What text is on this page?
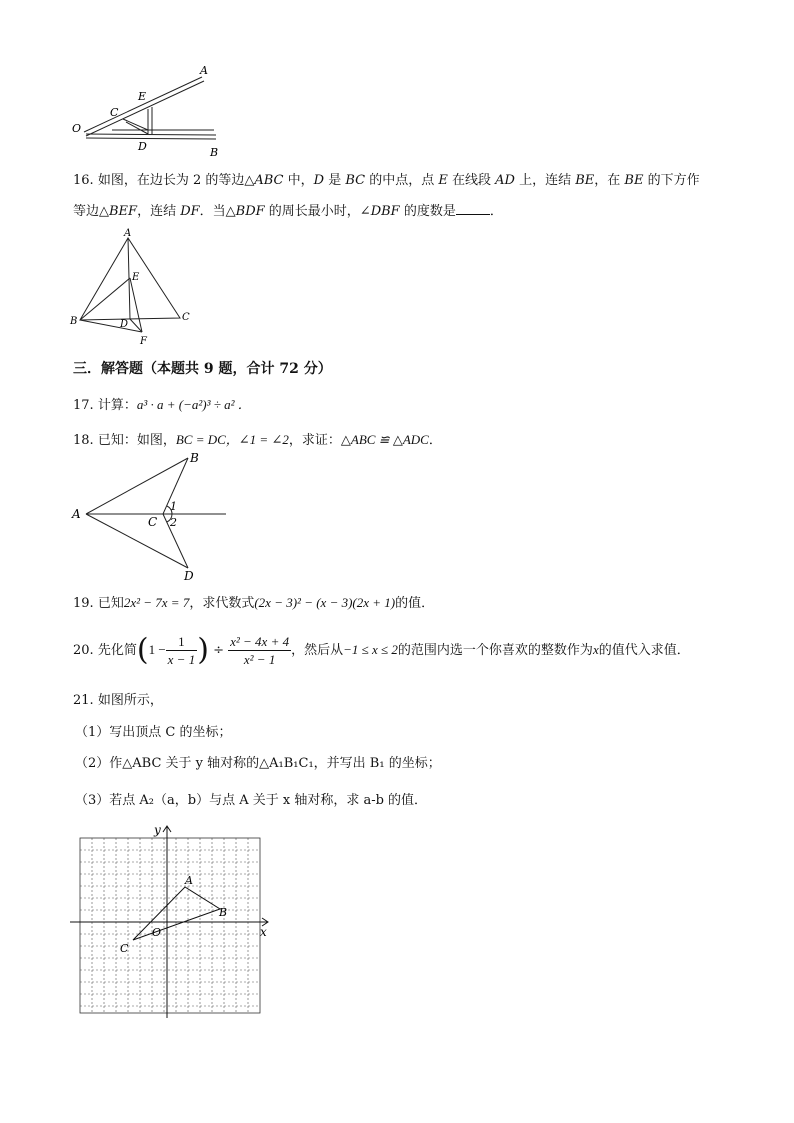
A
E
C
O
D	B
16. 如图，在边长为 2 的等边△ABC 中，D 是 BC 的中点，点 E 在线段 AD 上，连结 BE，在 BE 的下方作
等边△BEF，连结 DF．当△BDF 的周长最小时，∠DBF 的度数是	．
A
E
B	D
C
F
三．解答题（本题共 9 题，合计 72 分）
17. 计算：a³ · a + (−a²)³ ÷ a² ．
18. 已知：如图，BC = DC，∠1 = ∠2，求证：△ABC ≌ △ADC．
A
B
C
D
1
2
19. 已知2x² − 7x = 7，求代数式(2x − 3)² − (x − 3)(2x + 1)的值．
20. 先化简($1 - \frac{1}{x - 1}$ ) ÷ $\frac{\text{x² − 4x + 4}}{\text{x² − 1}}$ ，然后从−1 ≤ x ≤ 2的范围内选一个你喜欢的整数作为x的值代入求值．
21. 如图所示，
（1）写出顶点 C 的坐标；
（2）作△ABC 关于 y 轴对称的△A₁B₁C₁，并写出 B₁ 的坐标；
（3）若点 A₂（a，b）与点 A 关于 x 轴对称，求 a-b 的值．
y
x
A
B
C
O
